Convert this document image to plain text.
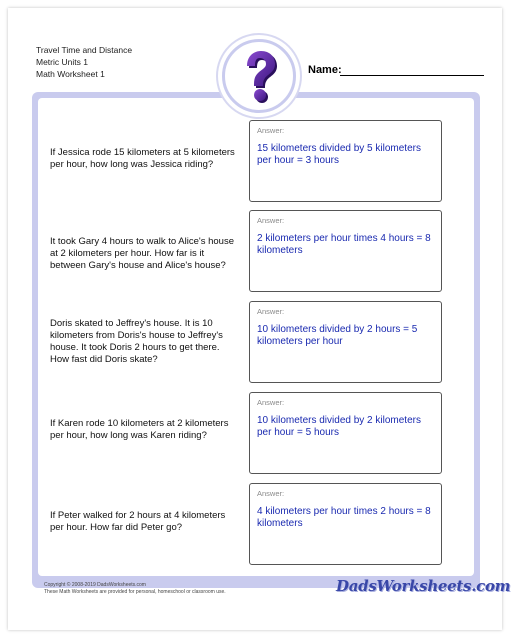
Travel Time and Distance
Metric Units 1
Math Worksheet 1	Name:
If Jessica rode 15 kilometers at 5 kilometers per hour, how long was Jessica riding?
Answer:
15 kilometers divided by 5 kilometers per hour = 3 hours
It took Gary 4 hours to walk to Alice's house at 2 kilometers per hour. How far is it between Gary's house and Alice's house?
Answer:
2 kilometers per hour times 4 hours = 8 kilometers
Doris skated to Jeffrey's house. It is 10 kilometers from Doris's house to Jeffrey's house. It took Doris 2 hours to get there. How fast did Doris skate?
Answer:
10 kilometers divided by 2 hours = 5 kilometers per hour
If Karen rode 10 kilometers at 2 kilometers per hour, how long was Karen riding?
Answer:
10 kilometers divided by 2 kilometers per hour = 5 hours
If Peter walked for 2 hours at 4 kilometers per hour. How far did Peter go?
Answer:
4 kilometers per hour times 2 hours = 8 kilometers
Copyright © 2008-2019 DadsWorksheets.com
These Math Worksheets are provided for personal, homeschool or classroom use.	DadsWorksheets.com
